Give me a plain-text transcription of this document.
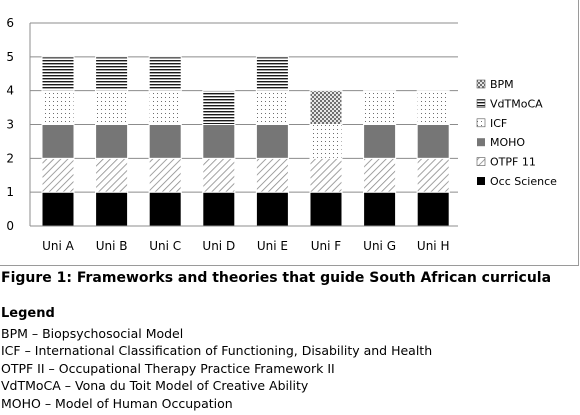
0
1
2
3
4
5
6
Uni A Uni B Uni C Uni D Uni E Uni F Uni G Uni H
BPM
VdTMoCA
ICF
MOHO
OTPF 11
Occ Science
Figure 1: Frameworks and theories that guide South African curricula
Legend
BPM – Biopsychosocial Model
ICF – International Classification of Functioning, Disability and Health
OTPF II – Occupational Therapy Practice Framework II
VdTMoCA – Vona du Toit Model of Creative Ability
MOHO – Model of Human Occupation
